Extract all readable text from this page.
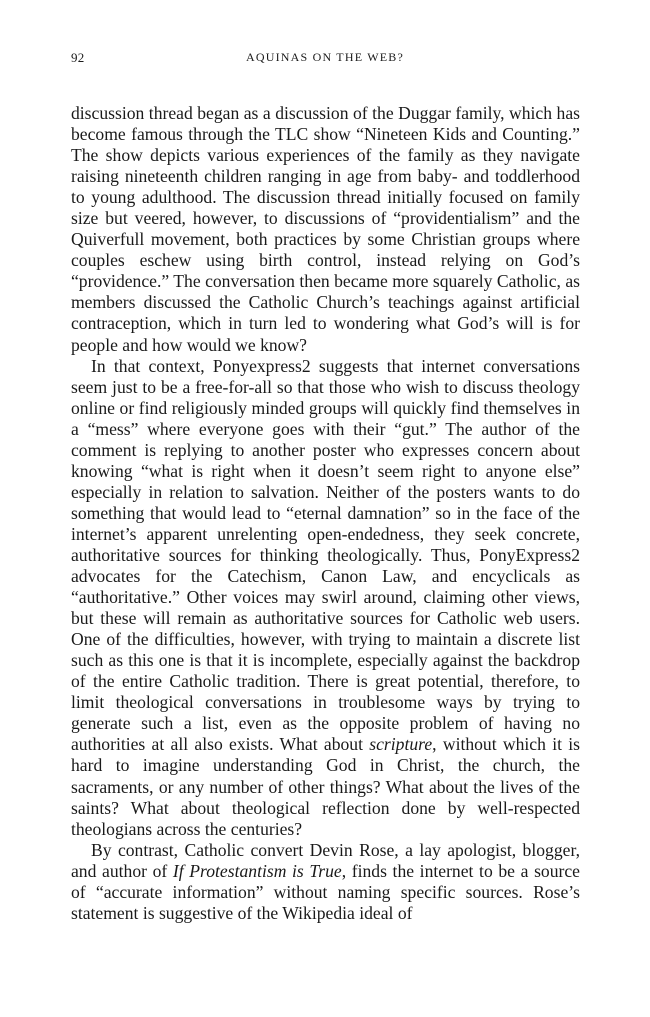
92	AQUINAS ON THE WEB?

discussion thread began as a discussion of the Duggar family, which has become famous through the TLC show “Nineteen Kids and Counting.” The show depicts various experiences of the family as they navigate raising nineteenth children ranging in age from baby- and toddlerhood to young adulthood. The discussion thread initially focused on family size but veered, however, to discussions of “providentialism” and the Quiverfull movement, both practices by some Christian groups where couples eschew using birth control, instead relying on God’s “providence.” The conversation then became more squarely Catholic, as members discussed the Catholic Church’s teachings against artificial contraception, which in turn led to wondering what God’s will is for people and how would we know?

In that context, Ponyexpress2 suggests that internet conversations seem just to be a free-for-all so that those who wish to discuss theology online or find religiously minded groups will quickly find themselves in a “mess” where everyone goes with their “gut.” The author of the comment is replying to another poster who expresses concern about knowing “what is right when it doesn’t seem right to anyone else” especially in relation to salvation. Neither of the posters wants to do something that would lead to “eternal damnation” so in the face of the internet’s apparent unrelenting open-endedness, they seek concrete, authoritative sources for thinking theologically. Thus, PonyExpress2 advocates for the Catechism, Canon Law, and encyclicals as “authoritative.” Other voices may swirl around, claiming other views, but these will remain as authoritative sources for Catholic web users. One of the difficulties, however, with trying to maintain a discrete list such as this one is that it is incomplete, especially against the backdrop of the entire Catholic tradition. There is great potential, therefore, to limit theological conversations in troublesome ways by trying to generate such a list, even as the opposite problem of having no authorities at all also exists. What about scripture, without which it is hard to imagine understanding God in Christ, the church, the sacraments, or any number of other things? What about the lives of the saints? What about theological reflection done by well-respected theologians across the centuries?

By contrast, Catholic convert Devin Rose, a lay apologist, blogger, and author of If Protestantism is True, finds the internet to be a source of “accurate information” without naming specific sources. Rose’s statement is suggestive of the Wikipedia ideal of
